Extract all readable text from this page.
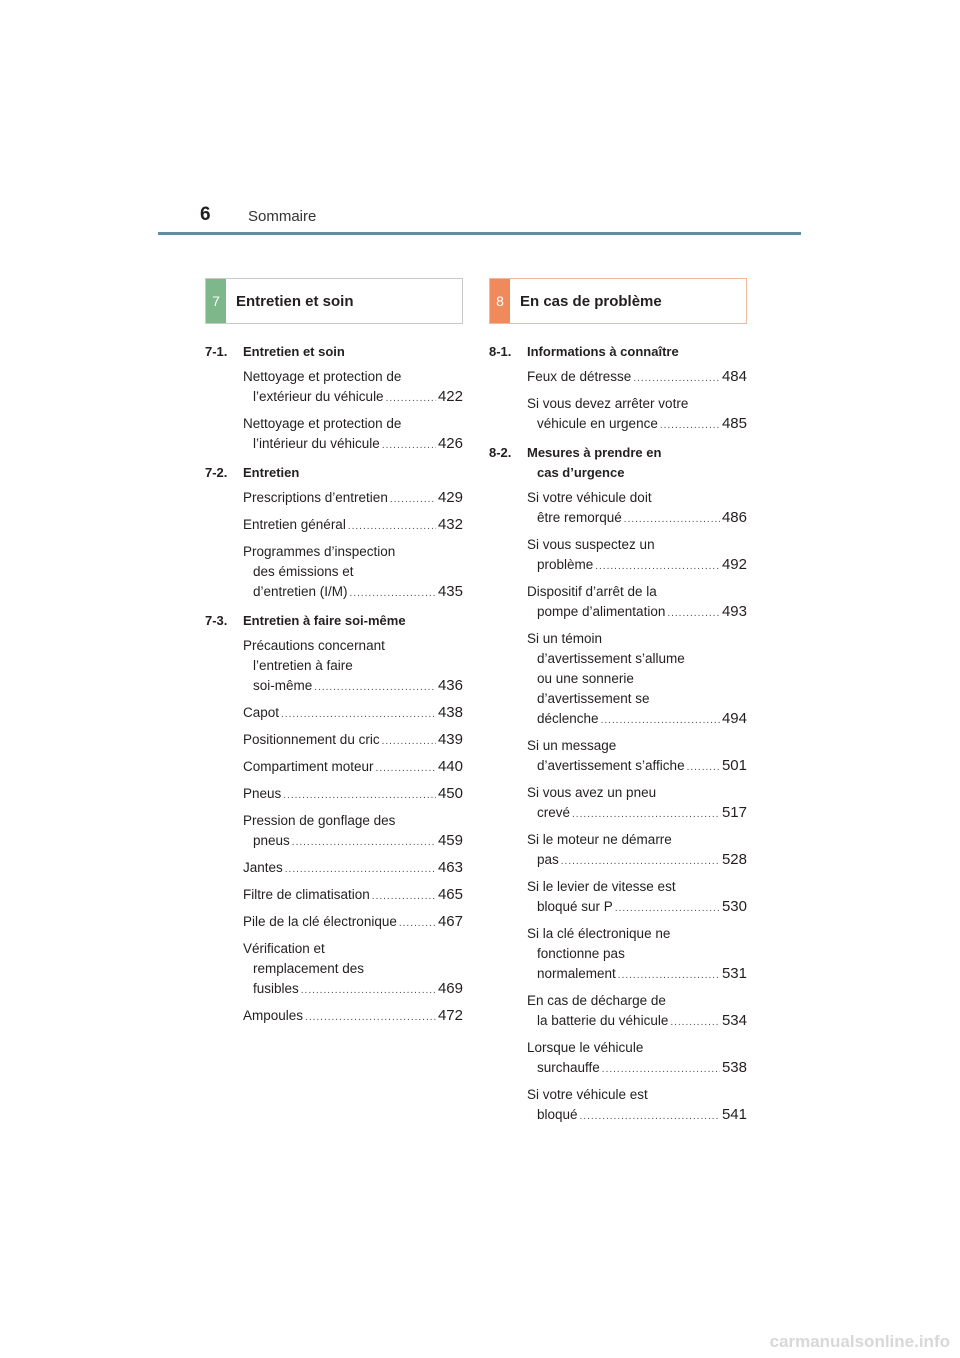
6 Sommaire
7	Entretien et soin
7-1.	Entretien et soin
Nettoyage et protection de
l’extérieur du véhicule .....	422
Nettoyage et protection de
l’intérieur du véhicule .....	426
7-2.	Entretien
Prescriptions d’entretien .....	429
Entretien général .....	432
Programmes d’inspection
des émissions et
d’entretien (I/M) .....	435
7-3.	Entretien à faire soi-même
Précautions concernant
l’entretien à faire
soi-même .....	436
Capot .....	438
Positionnement du cric .....	439
Compartiment moteur .....	440
Pneus .....	450
Pression de gonflage des
pneus .....	459
Jantes .....	463
Filtre de climatisation .....	465
Pile de la clé électronique .....	467
Vérification et
remplacement des
fusibles .....	469
Ampoules .....	472
8	En cas de problème
8-1.	Informations à connaître
Feux de détresse .....	484
Si vous devez arrêter votre
véhicule en urgence .....	485
8-2.	Mesures à prendre en
cas d’urgence
Si votre véhicule doit
être remorqué .....	486
Si vous suspectez un
problème .....	492
Dispositif d’arrêt de la
pompe d’alimentation .....	493
Si un témoin
d’avertissement s’allume
ou une sonnerie
d’avertissement se
déclenche .....	494
Si un message
d’avertissement s’affiche ..... 501
Si vous avez un pneu
crevé .....	517
Si le moteur ne démarre
pas .....	528
Si le levier de vitesse est
bloqué sur P .....	530
Si la clé électronique ne
fonctionne pas
normalement .....	531
En cas de décharge de
la batterie du véhicule .....	534
Lorsque le véhicule
surchauffe .....	538
Si votre véhicule est
bloqué .....	541
carmanualsonline.info
